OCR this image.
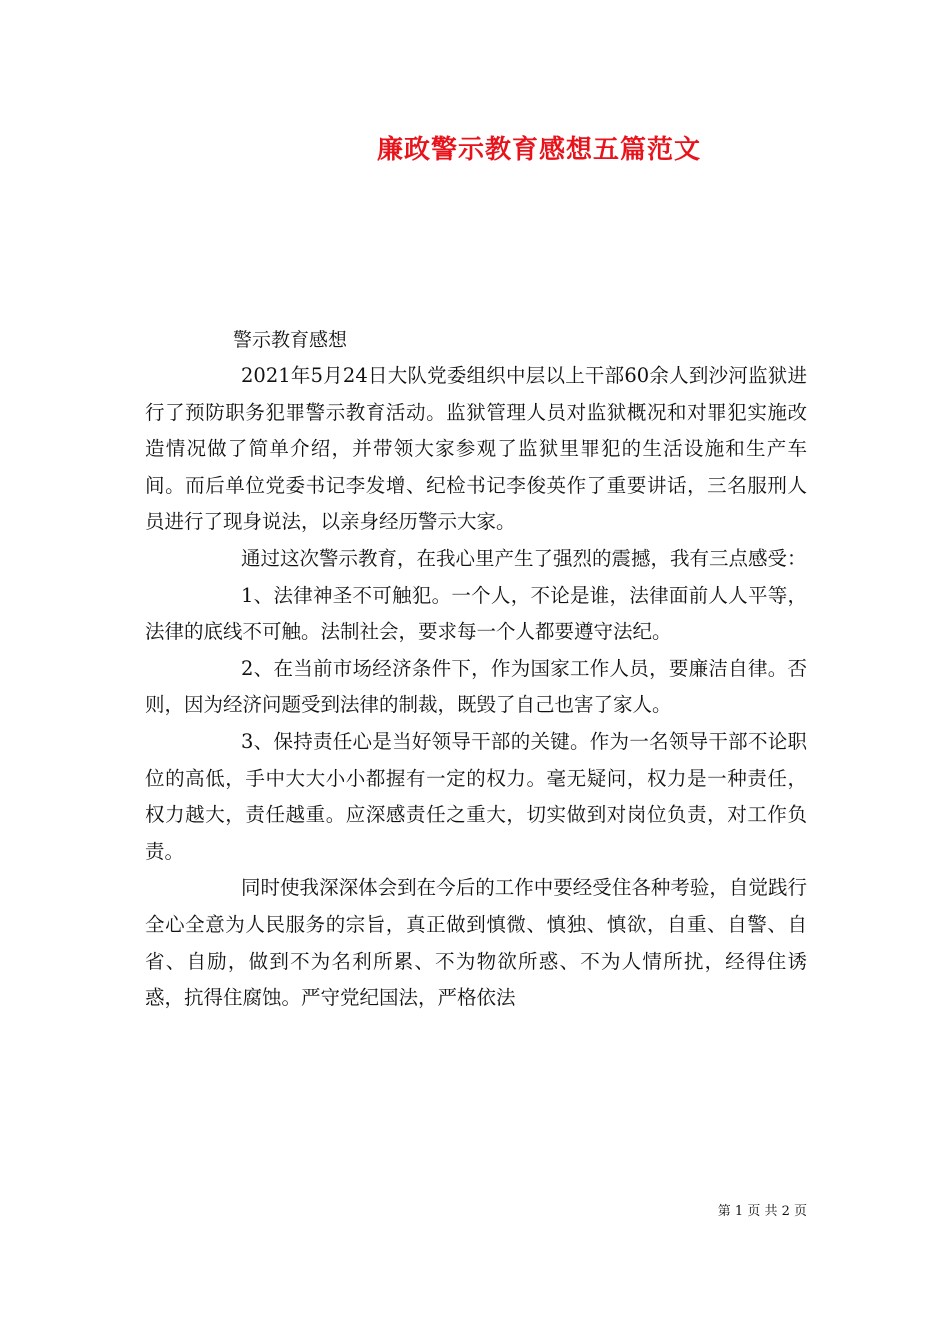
廉政警示教育感想五篇范文

警示教育感想

2021年5月24日大队党委组织中层以上干部60余人到沙河监狱进行了预防职务犯罪警示教育活动。监狱管理人员对监狱概况和对罪犯实施改造情况做了简单介绍，并带领大家参观了监狱里罪犯的生活设施和生产车间。而后单位党委书记李发增、纪检书记李俊英作了重要讲话，三名服刑人员进行了现身说法，以亲身经历警示大家。

通过这次警示教育，在我心里产生了强烈的震撼，我有三点感受：

1、法律神圣不可触犯。一个人，不论是谁，法律面前人人平等，法律的底线不可触。法制社会，要求每一个人都要遵守法纪。

2、在当前市场经济条件下，作为国家工作人员，要廉洁自律。否则，因为经济问题受到法律的制裁，既毁了自己也害了家人。

3、保持责任心是当好领导干部的关键。作为一名领导干部不论职位的高低，手中大大小小都握有一定的权力。毫无疑问，权力是一种责任，权力越大，责任越重。应深感责任之重大，切实做到对岗位负责，对工作负责。

同时使我深深体会到在今后的工作中要经受住各种考验，自觉践行全心全意为人民服务的宗旨，真正做到慎微、慎独、慎欲，自重、自警、自省、自励，做到不为名利所累、不为物欲所惑、不为人情所扰，经得住诱惑，抗得住腐蚀。严守党纪国法，严格依法

第 1 页 共 2 页
